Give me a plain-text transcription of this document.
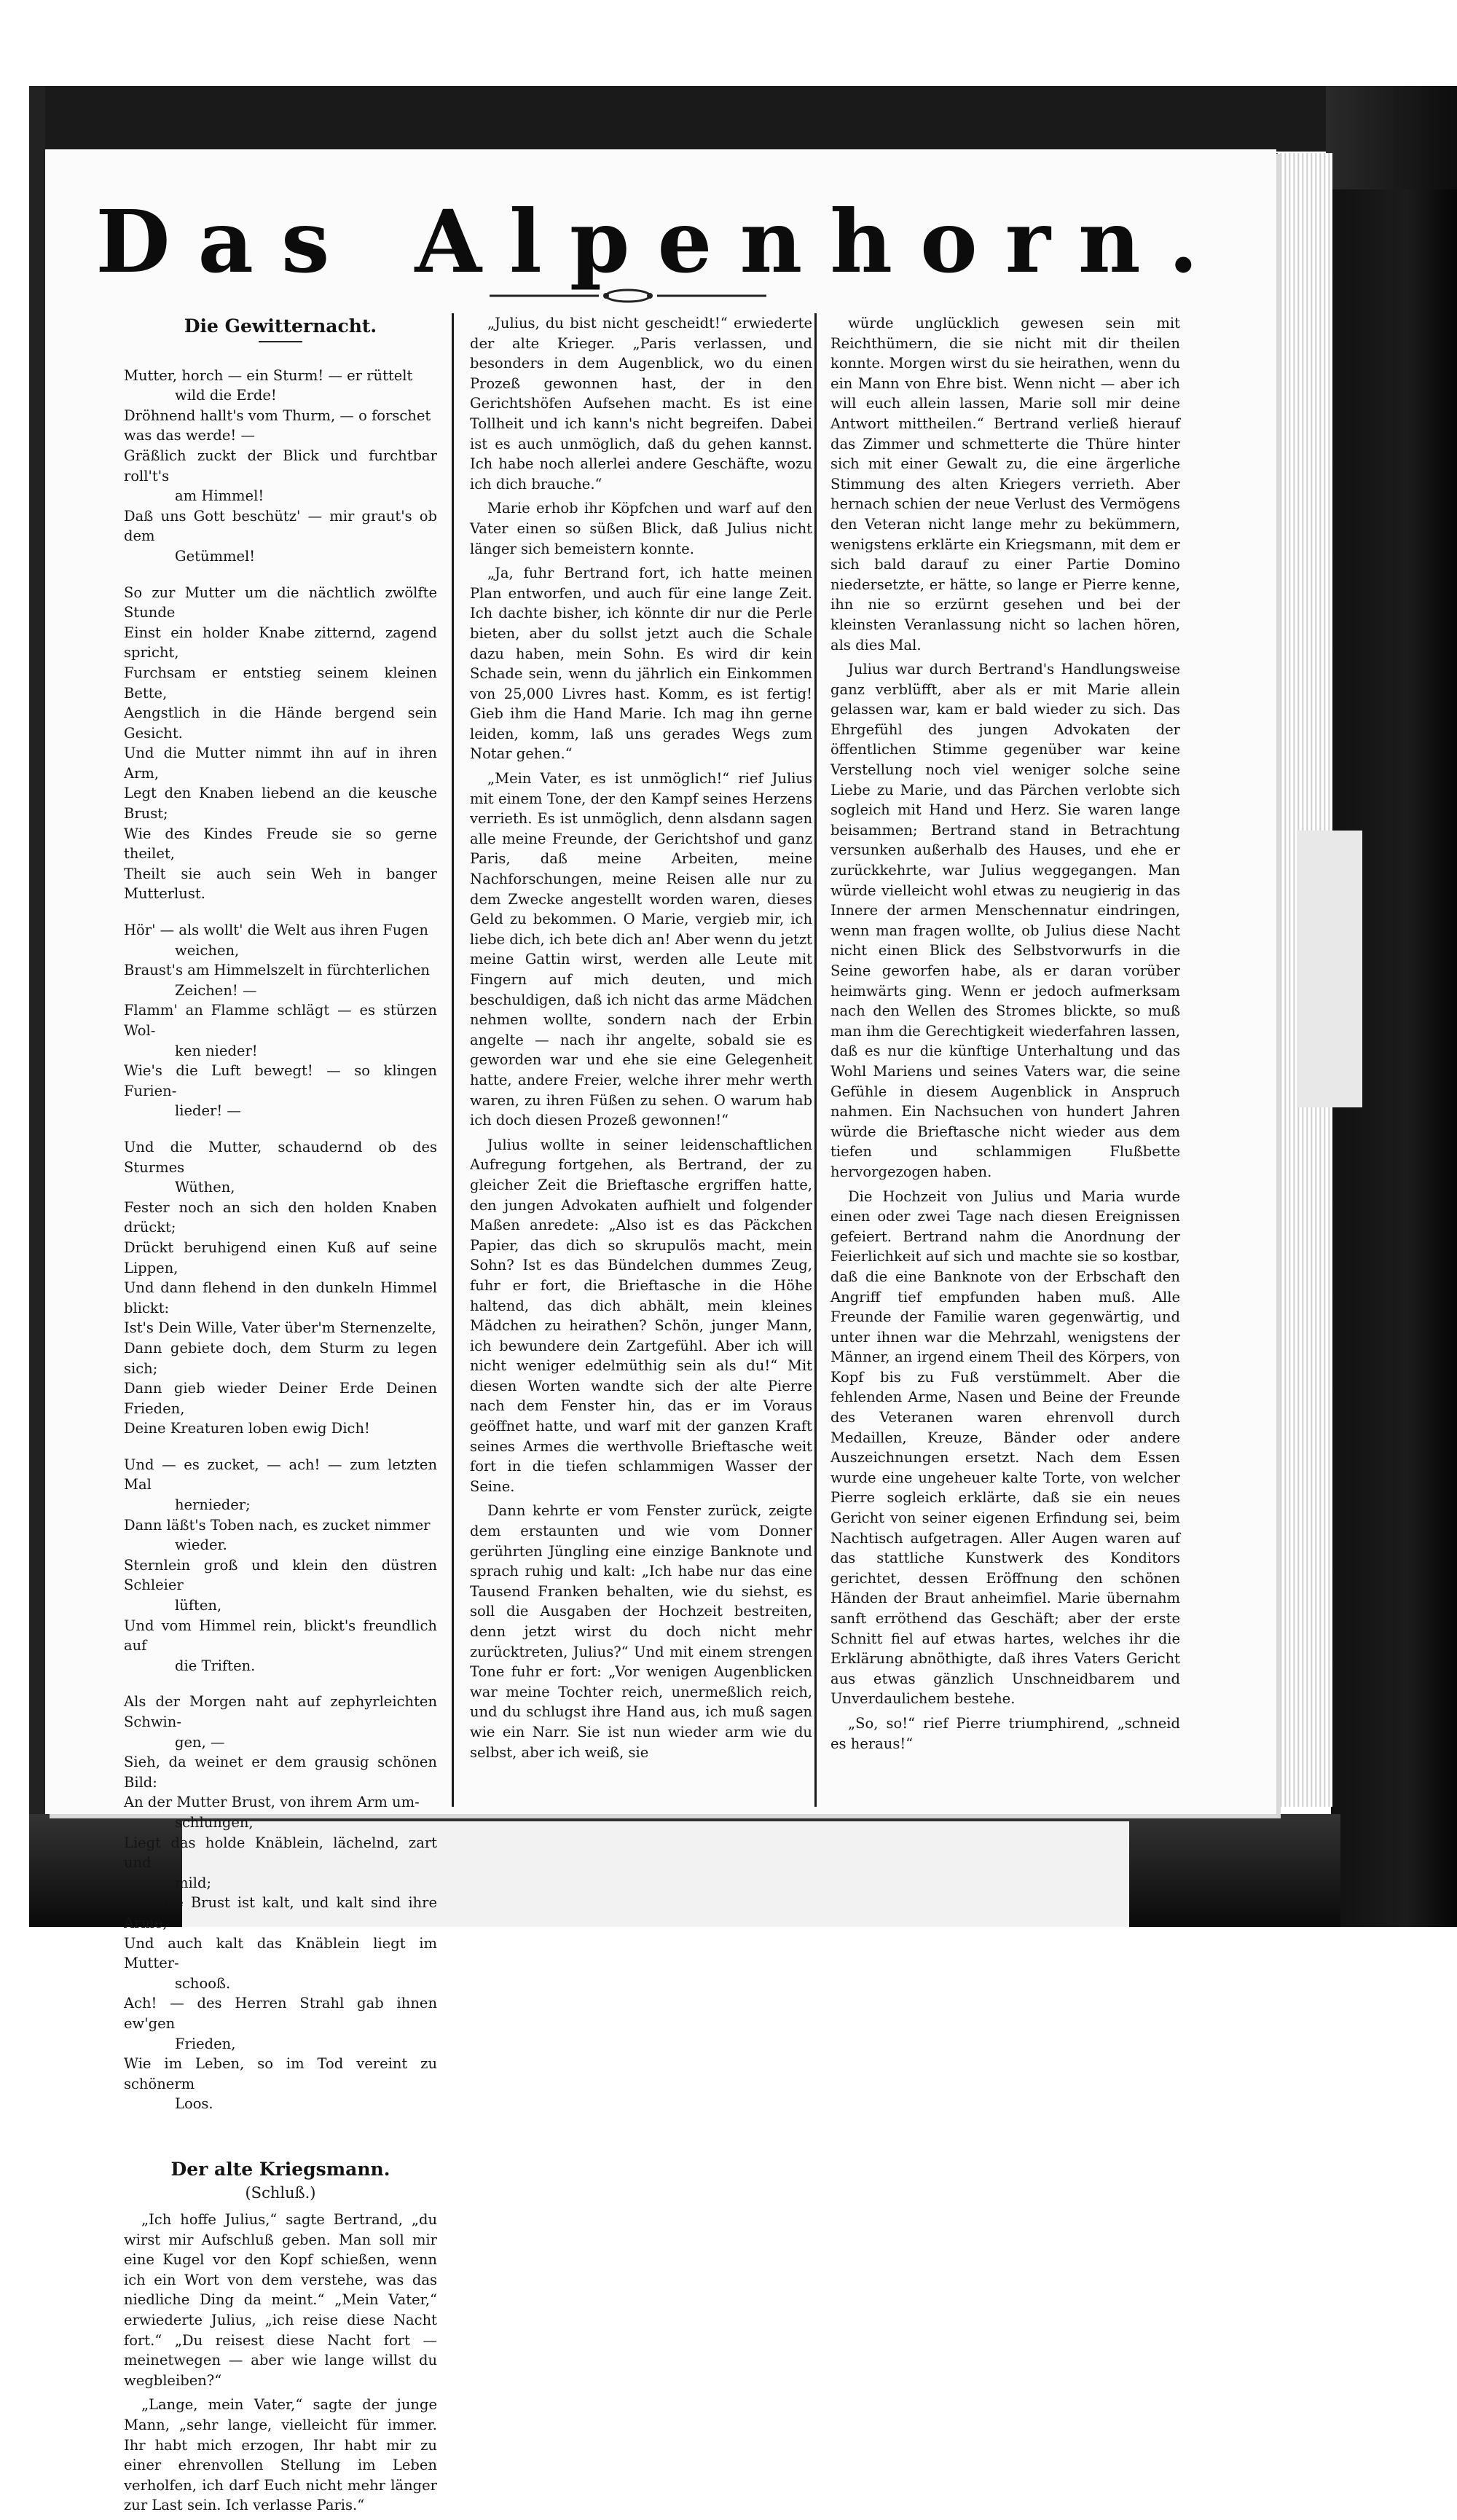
Das Alpenhorn.
Die Gewitternacht.
Mutter, horch — ein Sturm! — er rüttelt
wild die Erde!
Dröhnend hallt's vom Thurm, — o forschet
was das werde! —
Gräßlich zuckt der Blick und furchtbar roll't's
am Himmel!
Daß uns Gott beschütz' — mir graut's ob dem
Getümmel!
So zur Mutter um die nächtlich zwölfte Stunde
Einst ein holder Knabe zitternd, zagend spricht,
Furchsam er entstieg seinem kleinen Bette,
Aengstlich in die Hände bergend sein Gesicht.
Und die Mutter nimmt ihn auf in ihren Arm,
Legt den Knaben liebend an die keusche Brust;
Wie des Kindes Freude sie so gerne theilet,
Theilt sie auch sein Weh in banger Mutterlust.
Hör' — als wollt' die Welt aus ihren Fugen
weichen,
Braust's am Himmelszelt in fürchterlichen
Zeichen! —
Flamm' an Flamme schlägt — es stürzen Wol-
ken nieder!
Wie's die Luft bewegt! — so klingen Furien-
lieder! —
Und die Mutter, schaudernd ob des Sturmes
Wüthen,
Fester noch an sich den holden Knaben drückt;
Drückt beruhigend einen Kuß auf seine Lippen,
Und dann flehend in den dunkeln Himmel blickt:
Ist's Dein Wille, Vater über'm Sternenzelte,
Dann gebiete doch, dem Sturm zu legen sich;
Dann gieb wieder Deiner Erde Deinen Frieden,
Deine Kreaturen loben ewig Dich!
Und — es zucket, — ach! — zum letzten Mal
hernieder;
Dann läßt's Toben nach, es zucket nimmer
wieder.
Sternlein groß und klein den düstren Schleier
lüften,
Und vom Himmel rein, blickt's freundlich auf
die Triften.
Als der Morgen naht auf zephyrleichten Schwin-
gen, —
Sieh, da weinet er dem grausig schönen Bild:
An der Mutter Brust, von ihrem Arm um-
schlungen,
Liegt das holde Knäblein, lächelnd, zart und
mild;
Und die Brust ist kalt, und kalt sind ihre Arme,
Und auch kalt das Knäblein liegt im Mutter-
schooß.
Ach! — des Herren Strahl gab ihnen ew'gen
Frieden,
Wie im Leben, so im Tod vereint zu schönerm
Loos.
Der alte Kriegsmann.
(Schluß.)

„Ich hoffe Julius,“ sagte Bertrand, „du wirst mir Aufschluß geben. Man soll mir eine Kugel vor den Kopf schießen, wenn ich ein Wort von dem verstehe, was das niedliche Ding da meint.“ „Mein Vater,“ erwiederte Julius, „ich reise diese Nacht fort.“ „Du reisest diese Nacht fort — meinetwegen — aber wie lange willst du wegbleiben?“

„Lange, mein Vater,“ sagte der junge Mann, „sehr lange, vielleicht für immer. Ihr habt mich erzogen, Ihr habt mir zu einer ehrenvollen Stellung im Leben verholfen, ich darf Euch nicht mehr länger zur Last sein. Ich verlasse Paris.“

„Julius, du bist nicht gescheidt!“ erwiederte der alte Krieger. „Paris verlassen, und besonders in dem Augenblick, wo du einen Prozeß gewonnen hast, der in den Gerichtshöfen Aufsehen macht. Es ist eine Tollheit und ich kann's nicht begreifen. Dabei ist es auch unmöglich, daß du gehen kannst. Ich habe noch allerlei andere Geschäfte, wozu ich dich brauche.“

Marie erhob ihr Köpfchen und warf auf den Vater einen so süßen Blick, daß Julius nicht länger sich bemeistern konnte.

„Ja, fuhr Bertrand fort, ich hatte meinen Plan entworfen, und auch für eine lange Zeit. Ich dachte bisher, ich könnte dir nur die Perle bieten, aber du sollst jetzt auch die Schale dazu haben, mein Sohn. Es wird dir kein Schade sein, wenn du jährlich ein Einkommen von 25,000 Livres hast. Komm, es ist fertig! Gieb ihm die Hand Marie. Ich mag ihn gerne leiden, komm, laß uns gerades Wegs zum Notar gehen.“

„Mein Vater, es ist unmöglich!“ rief Julius mit einem Tone, der den Kampf seines Herzens verrieth. Es ist unmöglich, denn alsdann sagen alle meine Freunde, der Gerichtshof und ganz Paris, daß meine Arbeiten, meine Nachforschungen, meine Reisen alle nur zu dem Zwecke angestellt worden waren, dieses Geld zu bekommen. O Marie, vergieb mir, ich liebe dich, ich bete dich an! Aber wenn du jetzt meine Gattin wirst, werden alle Leute mit Fingern auf mich deuten, und mich beschuldigen, daß ich nicht das arme Mädchen nehmen wollte, sondern nach der Erbin angelte — nach ihr angelte, sobald sie es geworden war und ehe sie eine Gelegenheit hatte, andere Freier, welche ihrer mehr werth waren, zu ihren Füßen zu sehen. O warum hab ich doch diesen Prozeß gewonnen!“

Julius wollte in seiner leidenschaftlichen Aufregung fortgehen, als Bertrand, der zu gleicher Zeit die Brieftasche ergriffen hatte, den jungen Advokaten aufhielt und folgender Maßen anredete: „Also ist es das Päckchen Papier, das dich so skrupulös macht, mein Sohn? Ist es das Bündelchen dummes Zeug, fuhr er fort, die Brieftasche in die Höhe haltend, das dich abhält, mein kleines Mädchen zu heirathen? Schön, junger Mann, ich bewundere dein Zartgefühl. Aber ich will nicht weniger edelmüthig sein als du!“ Mit diesen Worten wandte sich der alte Pierre nach dem Fenster hin, das er im Voraus geöffnet hatte, und warf mit der ganzen Kraft seines Armes die werthvolle Brieftasche weit fort in die tiefen schlammigen Wasser der Seine.

Dann kehrte er vom Fenster zurück, zeigte dem erstaunten und wie vom Donner gerührten Jüngling eine einzige Banknote und sprach ruhig und kalt: „Ich habe nur das eine Tausend Franken behalten, wie du siehst, es soll die Ausgaben der Hochzeit bestreiten, denn jetzt wirst du doch nicht mehr zurücktreten, Julius?“ Und mit einem strengen Tone fuhr er fort: „Vor wenigen Augenblicken war meine Tochter reich, unermeßlich reich, und du schlugst ihre Hand aus, ich muß sagen wie ein Narr. Sie ist nun wieder arm wie du selbst, aber ich weiß, sie

würde unglücklich gewesen sein mit Reichthümern, die sie nicht mit dir theilen konnte. Morgen wirst du sie heirathen, wenn du ein Mann von Ehre bist. Wenn nicht — aber ich will euch allein lassen, Marie soll mir deine Antwort mittheilen.“ Bertrand verließ hierauf das Zimmer und schmetterte die Thüre hinter sich mit einer Gewalt zu, die eine ärgerliche Stimmung des alten Kriegers verrieth. Aber hernach schien der neue Verlust des Vermögens den Veteran nicht lange mehr zu bekümmern, wenigstens erklärte ein Kriegsmann, mit dem er sich bald darauf zu einer Partie Domino niedersetzte, er hätte, so lange er Pierre kenne, ihn nie so erzürnt gesehen und bei der kleinsten Veranlassung nicht so lachen hören, als dies Mal.

Julius war durch Bertrand's Handlungsweise ganz verblüfft, aber als er mit Marie allein gelassen war, kam er bald wieder zu sich. Das Ehrgefühl des jungen Advokaten der öffentlichen Stimme gegenüber war keine Verstellung noch viel weniger solche seine Liebe zu Marie, und das Pärchen verlobte sich sogleich mit Hand und Herz. Sie waren lange beisammen; Bertrand stand in Betrachtung versunken außerhalb des Hauses, und ehe er zurückkehrte, war Julius weggegangen. Man würde vielleicht wohl etwas zu neugierig in das Innere der armen Menschennatur eindringen, wenn man fragen wollte, ob Julius diese Nacht nicht einen Blick des Selbstvorwurfs in die Seine geworfen habe, als er daran vorüber heimwärts ging. Wenn er jedoch aufmerksam nach den Wellen des Stromes blickte, so muß man ihm die Gerechtigkeit wiederfahren lassen, daß es nur die künftige Unterhaltung und das Wohl Mariens und seines Vaters war, die seine Gefühle in diesem Augenblick in Anspruch nahmen. Ein Nachsuchen von hundert Jahren würde die Brieftasche nicht wieder aus dem tiefen und schlammigen Flußbette hervorgezogen haben.

Die Hochzeit von Julius und Maria wurde einen oder zwei Tage nach diesen Ereignissen gefeiert. Bertrand nahm die Anordnung der Feierlichkeit auf sich und machte sie so kostbar, daß die eine Banknote von der Erbschaft den Angriff tief empfunden haben muß. Alle Freunde der Familie waren gegenwärtig, und unter ihnen war die Mehrzahl, wenigstens der Männer, an irgend einem Theil des Körpers, von Kopf bis zu Fuß verstümmelt. Aber die fehlenden Arme, Nasen und Beine der Freunde des Veteranen waren ehrenvoll durch Medaillen, Kreuze, Bänder oder andere Auszeichnungen ersetzt. Nach dem Essen wurde eine ungeheuer kalte Torte, von welcher Pierre sogleich erklärte, daß sie ein neues Gericht von seiner eigenen Erfindung sei, beim Nachtisch aufgetragen. Aller Augen waren auf das stattliche Kunstwerk des Konditors gerichtet, dessen Eröffnung den schönen Händen der Braut anheimfiel. Marie übernahm sanft erröthend das Geschäft; aber der erste Schnitt fiel auf etwas hartes, welches ihr die Erklärung abnöthigte, daß ihres Vaters Gericht aus etwas gänzlich Unschneidbarem und Unverdaulichem bestehe.

„So, so!“ rief Pierre triumphirend, „schneid es heraus!“
